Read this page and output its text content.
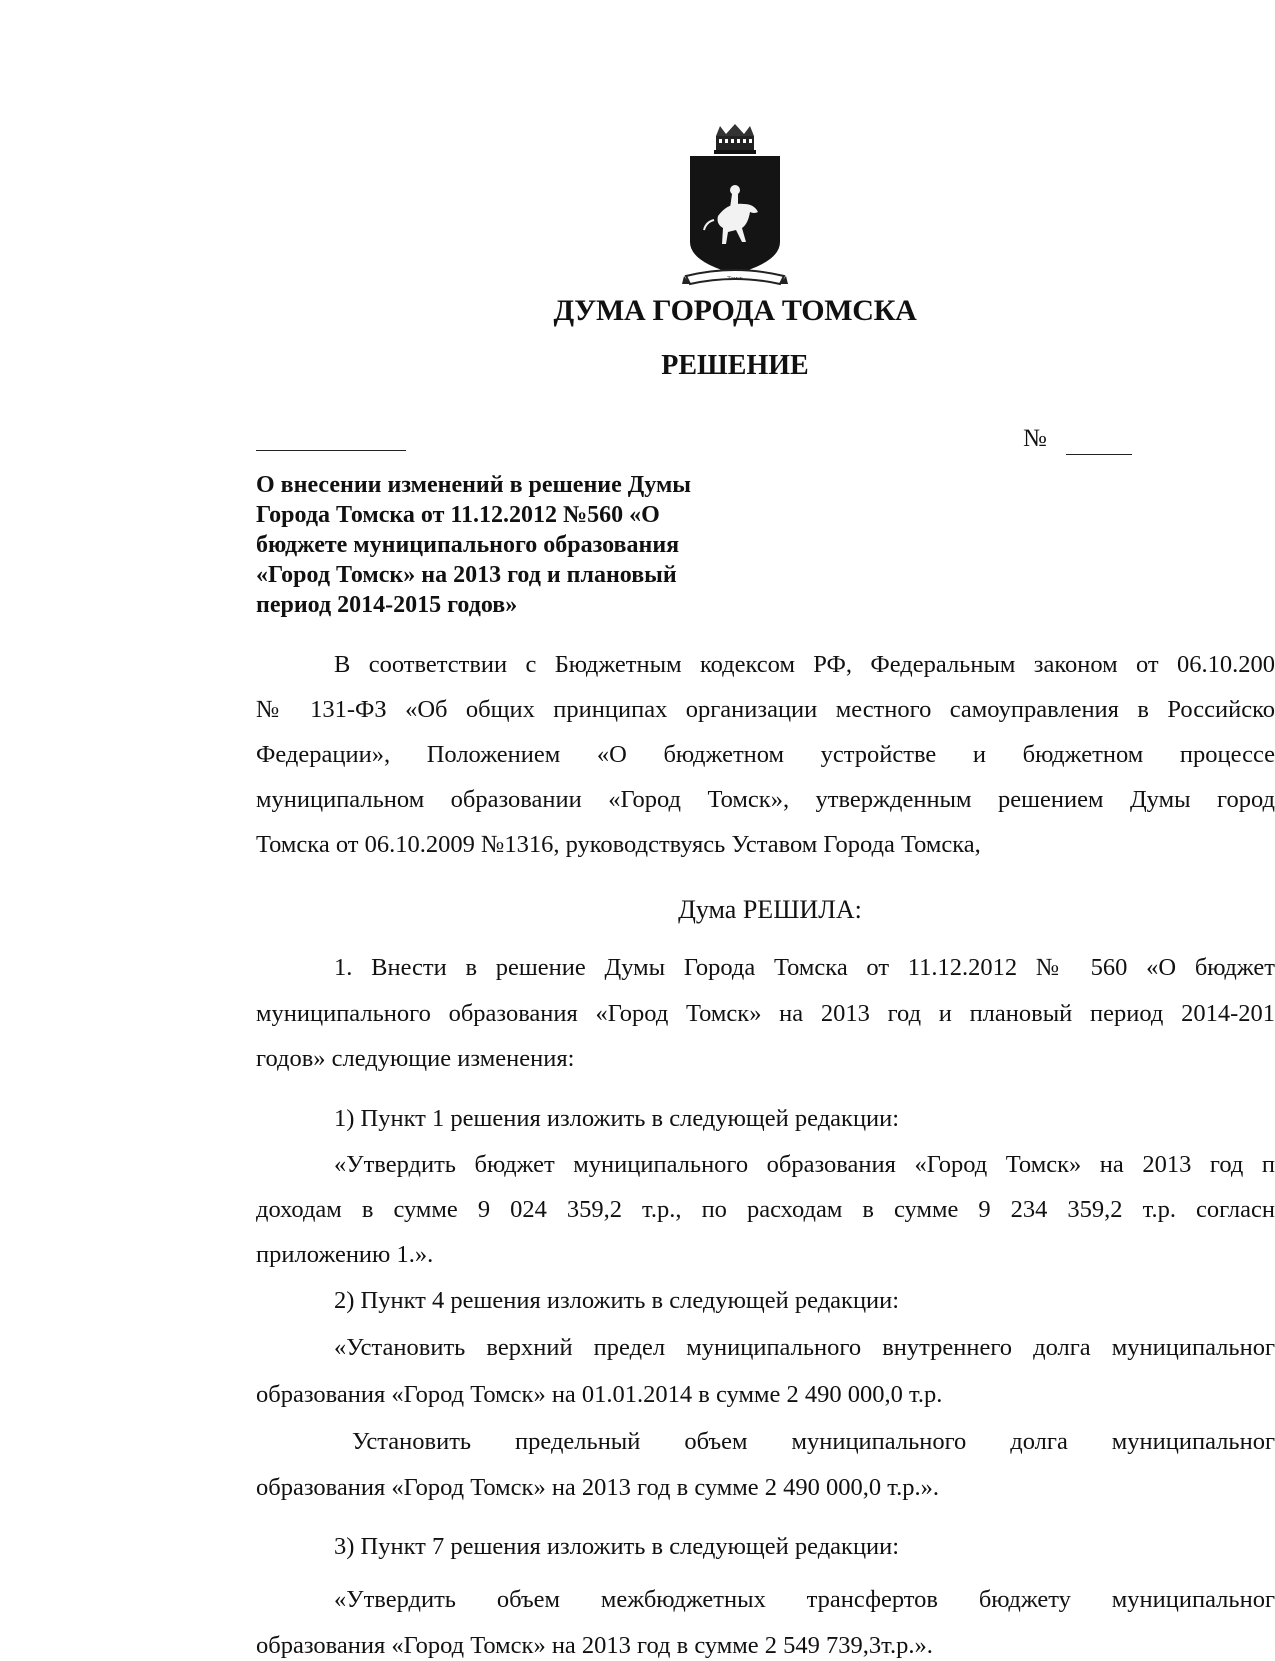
Томск
ДУМА ГОРОДА ТОМСКА
РЕШЕНИЕ
№
О внесении изменений в решение Думы
Города Томска от 11.12.2012 №560 «О
бюджете муниципального образования
«Город Томск» на 2013 год и плановый
период 2014-2015 годов»
В соответствии с Бюджетным кодексом РФ, Федеральным законом от 06.10.200
№ 131-ФЗ «Об общих принципах организации местного самоуправления в Российско
Федерации», Положением «О бюджетном устройстве и бюджетном процессе
муниципальном образовании «Город Томск», утвержденным решением Думы город
Томска от 06.10.2009 №1316, руководствуясь Уставом Города Томска,
Дума РЕШИЛА:
1. Внести в решение Думы Города Томска от 11.12.2012 № 560 «О бюджет
муниципального образования «Город Томск» на 2013 год и плановый период 2014-201
годов» следующие изменения:
1) Пункт 1 решения изложить в следующей редакции:
«Утвердить бюджет муниципального образования «Город Томск» на 2013 год п
доходам в сумме 9 024 359,2 т.р., по расходам в сумме 9 234 359,2 т.р. согласн
приложению 1.».
2) Пункт 4 решения изложить в следующей редакции:
«Установить верхний предел муниципального внутреннего долга муниципальног
образования «Город Томск» на 01.01.2014 в сумме 2 490 000,0 т.р.
Установить предельный объем муниципального долга муниципальног
образования «Город Томск» на 2013 год в сумме 2 490 000,0 т.р.».
3) Пункт 7 решения изложить в следующей редакции:
«Утвердить объем межбюджетных трансфертов бюджету муниципальног
образования «Город Томск» на 2013 год в сумме 2 549 739,3т.р.».
